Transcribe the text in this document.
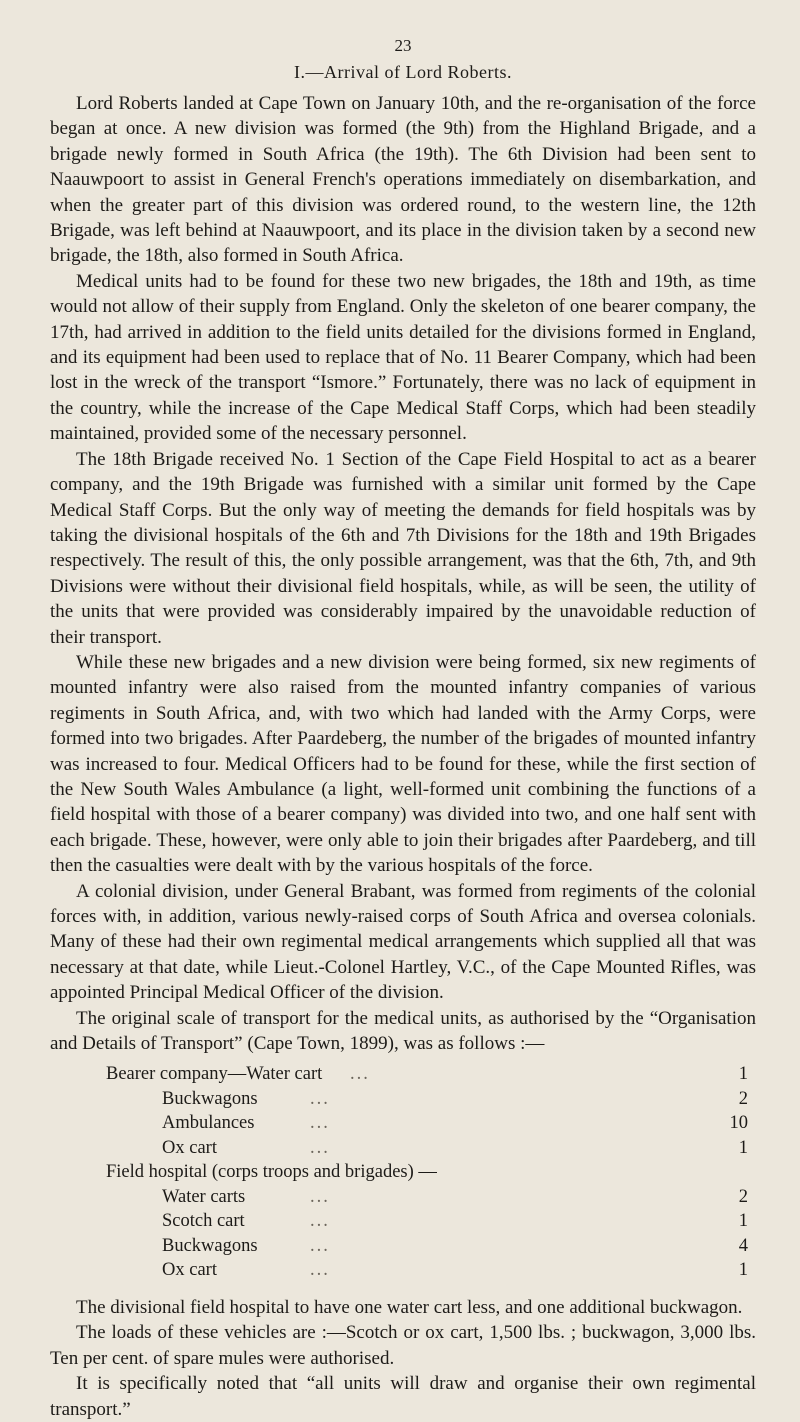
23
I.—Arrival of Lord Roberts.

Lord Roberts landed at Cape Town on January 10th, and the re-organisation of the force began at once. A new division was formed (the 9th) from the Highland Brigade, and a brigade newly formed in South Africa (the 19th). The 6th Division had been sent to Naauwpoort to assist in General French's operations immediately on disembarkation, and when the greater part of this division was ordered round, to the western line, the 12th Brigade, was left behind at Naauwpoort, and its place in the division taken by a second new brigade, the 18th, also formed in South Africa.

Medical units had to be found for these two new brigades, the 18th and 19th, as time would not allow of their supply from England. Only the skeleton of one bearer company, the 17th, had arrived in addition to the field units detailed for the divisions formed in England, and its equipment had been used to replace that of No. 11 Bearer Company, which had been lost in the wreck of the transport “Ismore.” Fortunately, there was no lack of equipment in the country, while the increase of the Cape Medical Staff Corps, which had been steadily maintained, provided some of the necessary personnel.

The 18th Brigade received No. 1 Section of the Cape Field Hospital to act as a bearer company, and the 19th Brigade was furnished with a similar unit formed by the Cape Medical Staff Corps. But the only way of meeting the demands for field hospitals was by taking the divisional hospitals of the 6th and 7th Divisions for the 18th and 19th Brigades respectively. The result of this, the only possible arrangement, was that the 6th, 7th, and 9th Divisions were without their divisional field hospitals, while, as will be seen, the utility of the units that were provided was considerably impaired by the unavoidable reduction of their transport.

While these new brigades and a new division were being formed, six new regiments of mounted infantry were also raised from the mounted infantry companies of various regiments in South Africa, and, with two which had landed with the Army Corps, were formed into two brigades. After Paardeberg, the number of the brigades of mounted infantry was increased to four. Medical Officers had to be found for these, while the first section of the New South Wales Ambulance (a light, well-formed unit combining the functions of a field hospital with those of a bearer company) was divided into two, and one half sent with each brigade. These, however, were only able to join their brigades after Paardeberg, and till then the casualties were dealt with by the various hospitals of the force.

A colonial division, under General Brabant, was formed from regiments of the colonial forces with, in addition, various newly-raised corps of South Africa and oversea colonials. Many of these had their own regimental medical arrangements which supplied all that was necessary at that date, while Lieut.-Colonel Hartley, V.C., of the Cape Mounted Rifles, was appointed Principal Medical Officer of the division.

The original scale of transport for the medical units, as authorised by the “Organisation and Details of Transport” (Cape Town, 1899), was as follows :—

Bearer company—Water cart ...	1
Buckwagons	...	2
Ambulances	...	10
Ox cart	...	1
Field hospital (corps troops and brigades) —
Water carts	...	2
Scotch cart	...	1
Buckwagons	...	4
Ox cart	...	1

The divisional field hospital to have one water cart less, and one additional buckwagon.

The loads of these vehicles are :—Scotch or ox cart, 1,500 lbs. ; buckwagon, 3,000 lbs. Ten per cent. of spare mules were authorised.

It is specifically noted that “all units will draw and organise their own regimental transport.”
